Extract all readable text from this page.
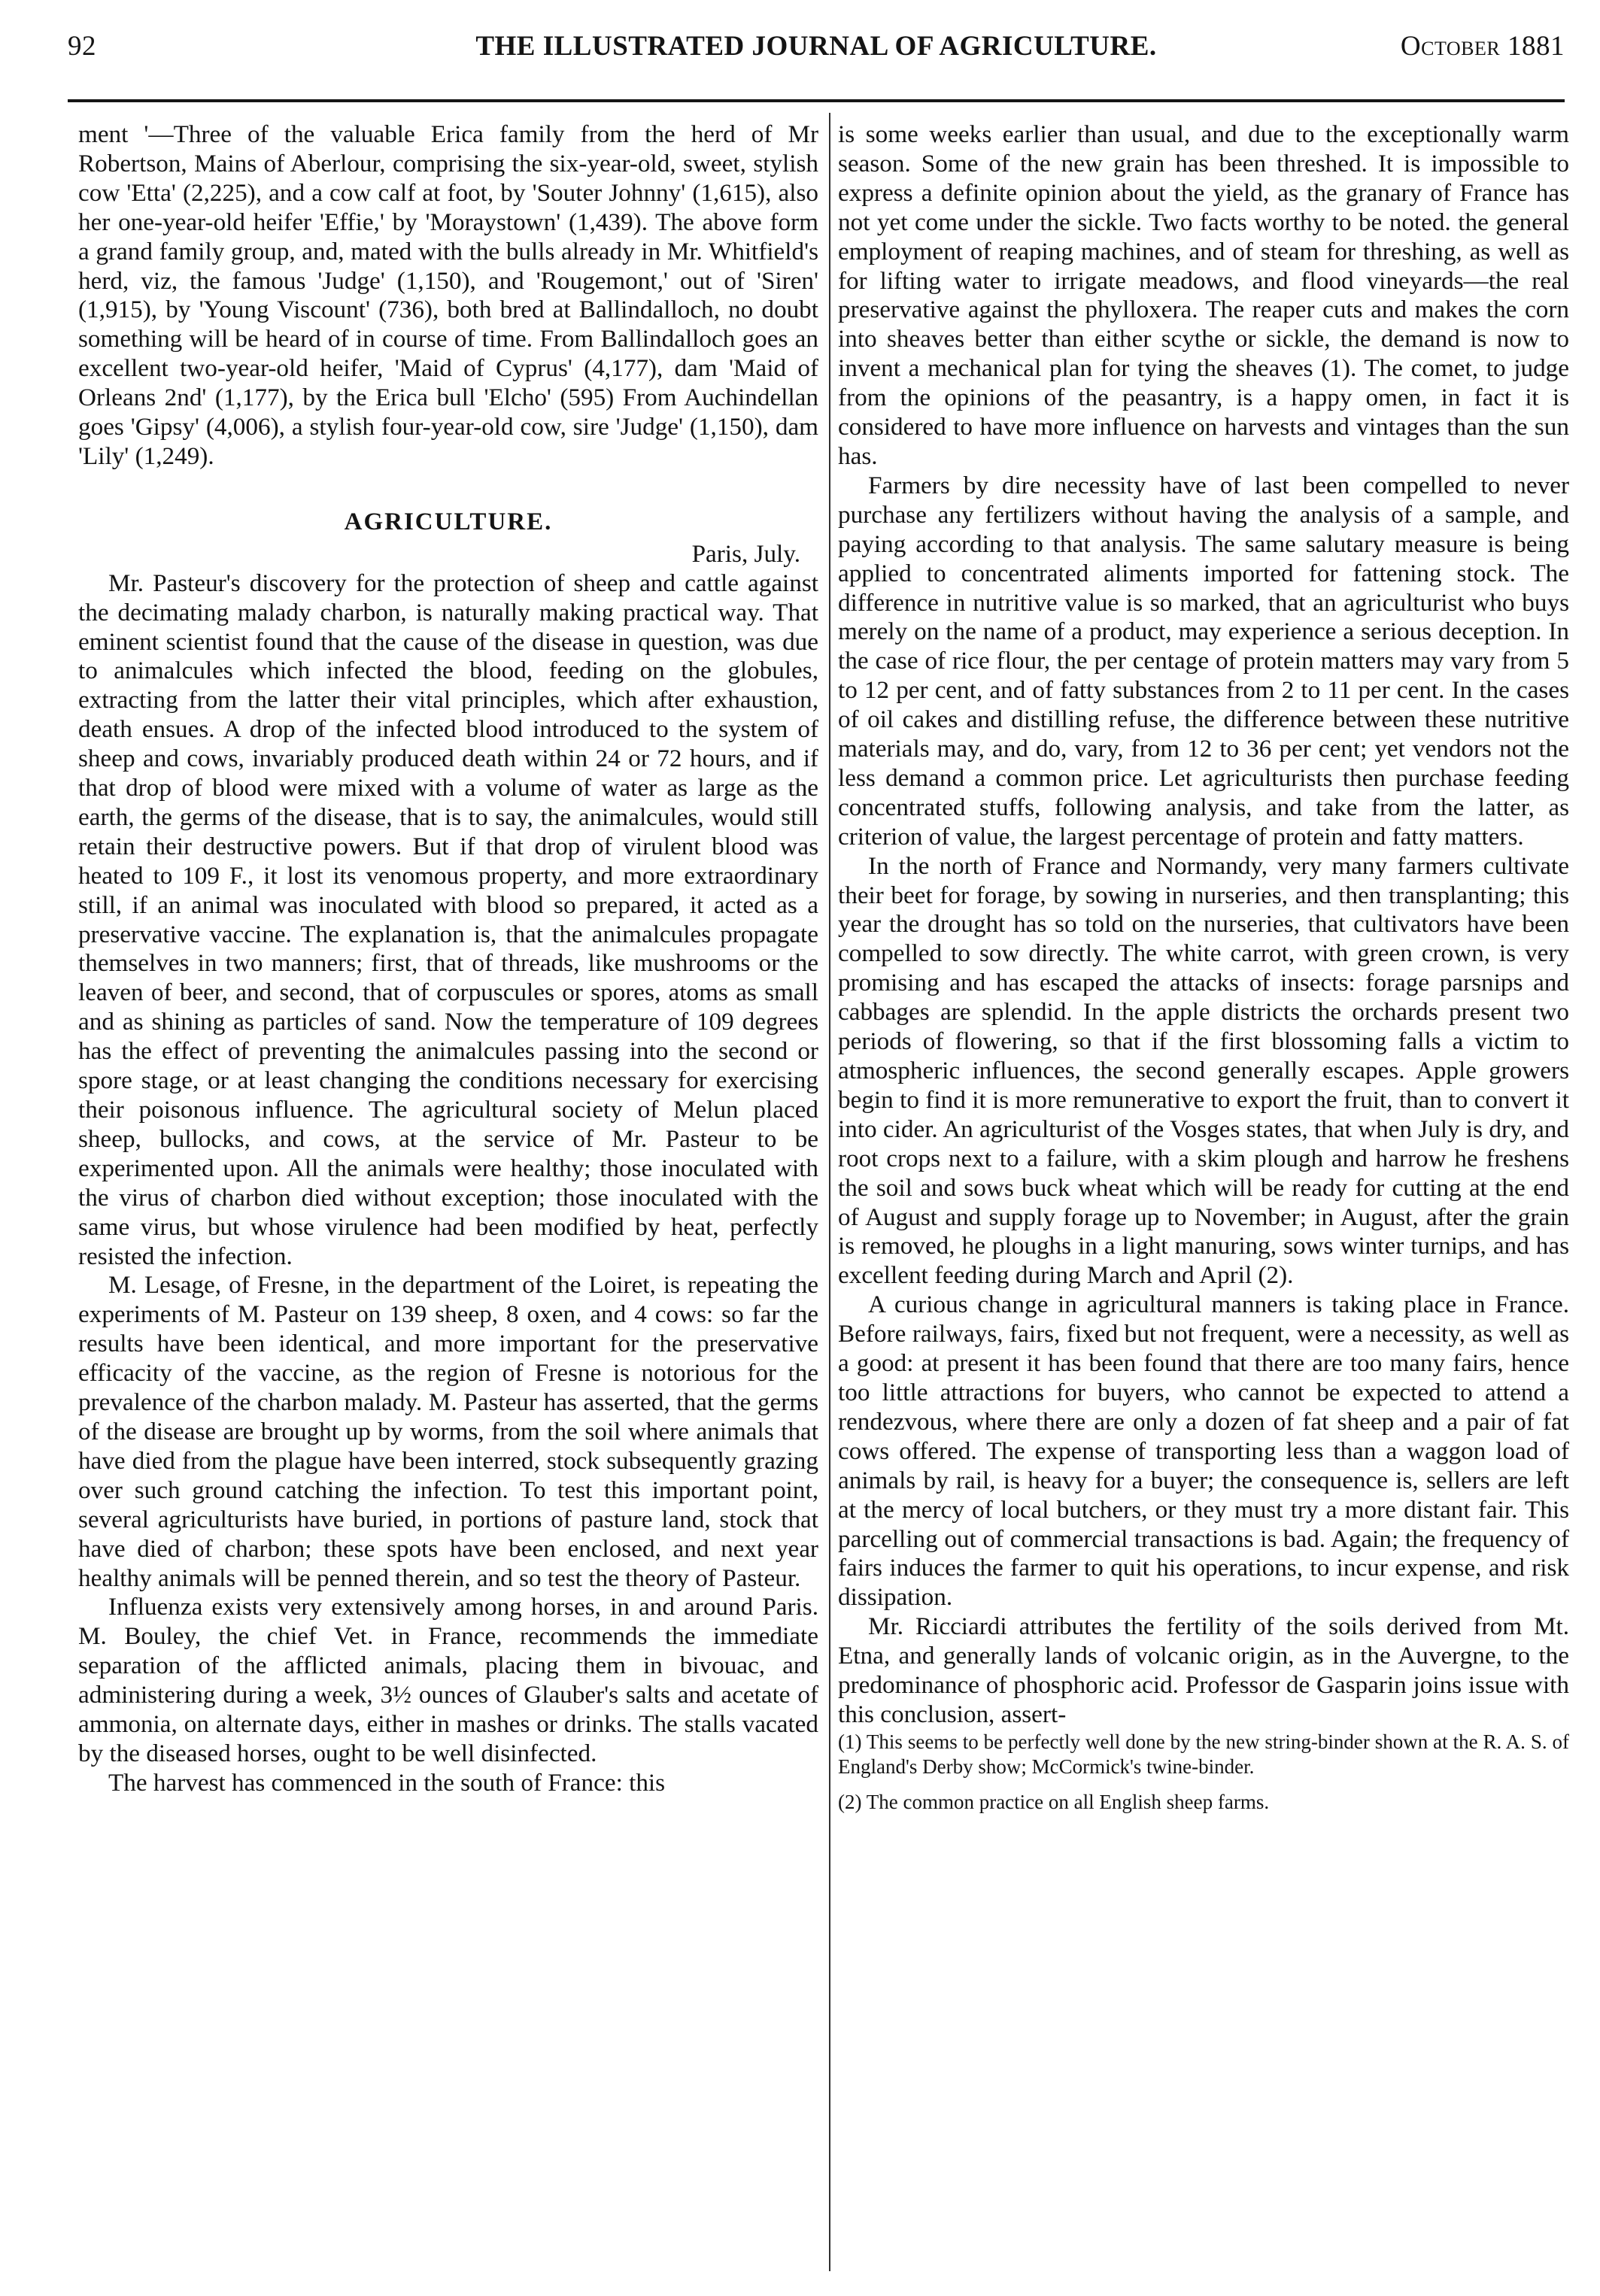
92	THE ILLUSTRATED JOURNAL OF AGRICULTURE.	October 1881

ment '—Three of the valuable Erica family from the herd of Mr Robertson, Mains of Aberlour, comprising the six-year-old, sweet, stylish cow 'Etta' (2,225), and a cow calf at foot, by 'Souter Johnny' (1,615), also her one-year-old heifer 'Effie,' by 'Moraystown' (1,439). The above form a grand family group, and, mated with the bulls already in Mr. Whitfield's herd, viz, the famous 'Judge' (1,150), and 'Rougemont,' out of 'Siren' (1,915), by 'Young Viscount' (736), both bred at Ballindalloch, no doubt something will be heard of in course of time. From Ballindalloch goes an excellent two-year-old heifer, 'Maid of Cyprus' (4,177), dam 'Maid of Orleans 2nd' (1,177), by the Erica bull 'Elcho' (595) From Auchindellan goes 'Gipsy' (4,006), a stylish four-year-old cow, sire 'Judge' (1,150), dam 'Lily' (1,249).

AGRICULTURE.
Paris, July.

Mr. Pasteur's discovery for the protection of sheep and cattle against the decimating malady charbon, is naturally making practical way. That eminent scientist found that the cause of the disease in question, was due to animalcules which infected the blood, feeding on the globules, extracting from the latter their vital principles, which after exhaustion, death ensues. A drop of the infected blood introduced to the system of sheep and cows, invariably produced death within 24 or 72 hours, and if that drop of blood were mixed with a volume of water as large as the earth, the germs of the disease, that is to say, the animalcules, would still retain their destructive powers. But if that drop of virulent blood was heated to 109 F., it lost its venomous property, and more extraordinary still, if an animal was inoculated with blood so prepared, it acted as a preservative vaccine. The explanation is, that the animalcules propagate themselves in two manners; first, that of threads, like mushrooms or the leaven of beer, and second, that of corpuscules or spores, atoms as small and as shining as particles of sand. Now the temperature of 109 degrees has the effect of preventing the animalcules passing into the second or spore stage, or at least changing the conditions necessary for exercising their poisonous influence. The agricultural society of Melun placed sheep, bullocks, and cows, at the service of Mr. Pasteur to be experimented upon. All the animals were healthy; those inoculated with the virus of charbon died without exception; those inoculated with the same virus, but whose virulence had been modified by heat, perfectly resisted the infection.

M. Lesage, of Fresne, in the department of the Loiret, is repeating the experiments of M. Pasteur on 139 sheep, 8 oxen, and 4 cows: so far the results have been identical, and more important for the preservative efficacity of the vaccine, as the region of Fresne is notorious for the prevalence of the charbon malady. M. Pasteur has asserted, that the germs of the disease are brought up by worms, from the soil where animals that have died from the plague have been interred, stock subsequently grazing over such ground catching the infection. To test this important point, several agriculturists have buried, in portions of pasture land, stock that have died of charbon; these spots have been enclosed, and next year healthy animals will be penned therein, and so test the theory of Pasteur.

Influenza exists very extensively among horses, in and around Paris. M. Bouley, the chief Vet. in France, recommends the immediate separation of the afflicted animals, placing them in bivouac, and administering during a week, 3½ ounces of Glauber's salts and acetate of ammonia, on alternate days, either in mashes or drinks. The stalls vacated by the diseased horses, ought to be well disinfected.

The harvest has commenced in the south of France: this

is some weeks earlier than usual, and due to the exceptionally warm season. Some of the new grain has been threshed. It is impossible to express a definite opinion about the yield, as the granary of France has not yet come under the sickle. Two facts worthy to be noted. the general employment of reaping machines, and of steam for threshing, as well as for lifting water to irrigate meadows, and flood vineyards—the real preservative against the phylloxera. The reaper cuts and makes the corn into sheaves better than either scythe or sickle, the demand is now to invent a mechanical plan for tying the sheaves (1). The comet, to judge from the opinions of the peasantry, is a happy omen, in fact it is considered to have more influence on harvests and vintages than the sun has.

Farmers by dire necessity have of last been compelled to never purchase any fertilizers without having the analysis of a sample, and paying according to that analysis. The same salutary measure is being applied to concentrated aliments imported for fattening stock. The difference in nutritive value is so marked, that an agriculturist who buys merely on the name of a product, may experience a serious deception. In the case of rice flour, the per centage of protein matters may vary from 5 to 12 per cent, and of fatty substances from 2 to 11 per cent. In the cases of oil cakes and distilling refuse, the difference between these nutritive materials may, and do, vary, from 12 to 36 per cent; yet vendors not the less demand a common price. Let agriculturists then purchase feeding concentrated stuffs, following analysis, and take from the latter, as criterion of value, the largest percentage of protein and fatty matters.

In the north of France and Normandy, very many farmers cultivate their beet for forage, by sowing in nurseries, and then transplanting; this year the drought has so told on the nurseries, that cultivators have been compelled to sow directly. The white carrot, with green crown, is very promising and has escaped the attacks of insects: forage parsnips and cabbages are splendid. In the apple districts the orchards present two periods of flowering, so that if the first blossoming falls a victim to atmospheric influences, the second generally escapes. Apple growers begin to find it is more remunerative to export the fruit, than to convert it into cider. An agriculturist of the Vosges states, that when July is dry, and root crops next to a failure, with a skim plough and harrow he freshens the soil and sows buck wheat which will be ready for cutting at the end of August and supply forage up to November; in August, after the grain is removed, he ploughs in a light manuring, sows winter turnips, and has excellent feeding during March and April (2).

A curious change in agricultural manners is taking place in France. Before railways, fairs, fixed but not frequent, were a necessity, as well as a good: at present it has been found that there are too many fairs, hence too little attractions for buyers, who cannot be expected to attend a rendezvous, where there are only a dozen of fat sheep and a pair of fat cows offered. The expense of transporting less than a waggon load of animals by rail, is heavy for a buyer; the consequence is, sellers are left at the mercy of local butchers, or they must try a more distant fair. This parcelling out of commercial transactions is bad. Again; the frequency of fairs induces the farmer to quit his operations, to incur expense, and risk dissipation.

Mr. Ricciardi attributes the fertility of the soils derived from Mt. Etna, and generally lands of volcanic origin, as in the Auvergne, to the predominance of phosphoric acid. Professor de Gasparin joins issue with this conclusion, assert-

(1) This seems to be perfectly well done by the new string-binder shown at the R. A. S. of England's Derby show; McCormick's twine-binder.

(2) The common practice on all English sheep farms.
